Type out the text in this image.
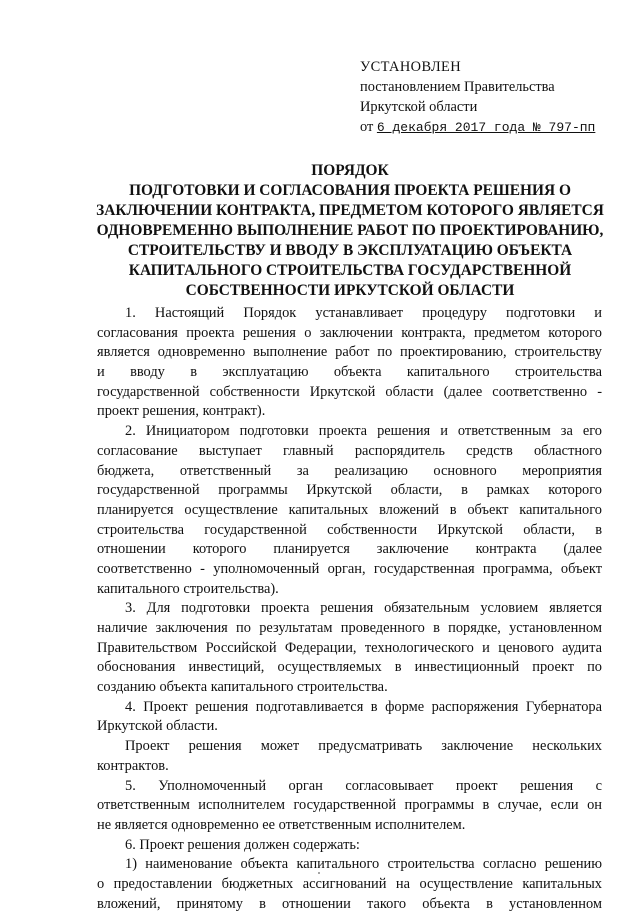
УСТАНОВЛЕН
постановлением Правительства
Иркутской области
от 6 декабря 2017 года № 797-пп
ПОРЯДОК
ПОДГОТОВКИ И СОГЛАСОВАНИЯ ПРОЕКТА РЕШЕНИЯ О
ЗАКЛЮЧЕНИИ КОНТРАКТА, ПРЕДМЕТОМ КОТОРОГО ЯВЛЯЕТСЯ
ОДНОВРЕМЕННО ВЫПОЛНЕНИЕ РАБОТ ПО ПРОЕКТИРОВАНИЮ,
СТРОИТЕЛЬСТВУ И ВВОДУ В ЭКСПЛУАТАЦИЮ ОБЪЕКТА
КАПИТАЛЬНОГО СТРОИТЕЛЬСТВА ГОСУДАРСТВЕННОЙ
СОБСТВЕННОСТИ ИРКУТСКОЙ ОБЛАСТИ
1. Настоящий Порядок устанавливает процедуру подготовки и
согласования проекта решения о заключении контракта, предметом которого
является одновременно выполнение работ по проектированию, строительству
и вводу в эксплуатацию объекта капитального строительства
государственной собственности Иркутской области (далее соответственно -
проект решения, контракт).
2. Инициатором подготовки проекта решения и ответственным за его
согласование выступает главный распорядитель средств областного
бюджета, ответственный за реализацию основного мероприятия
государственной программы Иркутской области, в рамках которого
планируется осуществление капитальных вложений в объект капитального
строительства государственной собственности Иркутской области, в
отношении которого планируется заключение контракта (далее
соответственно - уполномоченный орган, государственная программа, объект
капитального строительства).
3. Для подготовки проекта решения обязательным условием является
наличие заключения по результатам проведенного в порядке, установленном
Правительством Российской Федерации, технологического и ценового аудита
обоснования инвестиций, осуществляемых в инвестиционный проект по
созданию объекта капитального строительства.
4. Проект решения подготавливается в форме распоряжения Губернатора
Иркутской области.
Проект решения может предусматривать заключение нескольких
контрактов.
5. Уполномоченный орган согласовывает проект решения с
ответственным исполнителем государственной программы в случае, если он
не является одновременно ее ответственным исполнителем.
6. Проект решения должен содержать:
1) наименование объекта капитального строительства согласно решению
о предоставлении бюджетных ассигнований на осуществление капитальных
вложений, принятому в отношении такого объекта в установленном
